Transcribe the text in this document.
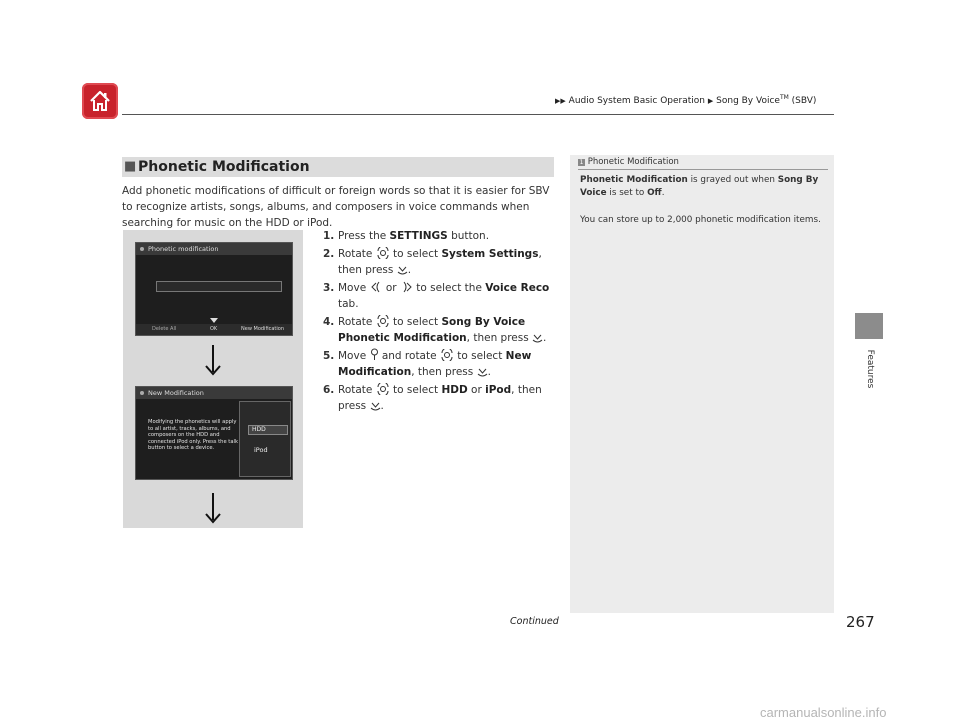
▶▶ Audio System Basic Operation ▶ Song By Voice™ (SBV)
Features
■ Phonetic Modification
Add phonetic modifications of difficult or foreign words so that it is easier for SBV to recognize artists, songs, albums, and composers in voice commands when searching for music on the HDD or iPod.
Phonetic modification
Delete All	OK	New Modification
New Modification
Modifying the phonetics will apply to all artist, tracks, albums, and composers on the HDD and connected iPod only. Press the talk button to select a device.
HDD
iPod
1. Press the SETTINGS button.
2. Rotate  to select System Settings, then press .
3. Move  or  to select the Voice Reco tab.
4. Rotate  to select Song By Voice Phonetic Modification, then press .
5. Move  and rotate  to select New Modification, then press .
6. Rotate  to select HDD or iPod, then press .
1 Phonetic Modification
Phonetic Modification is grayed out when Song By Voice is set to Off.
You can store up to 2,000 phonetic modification items.
Continued	267
carmanualsonline.info
